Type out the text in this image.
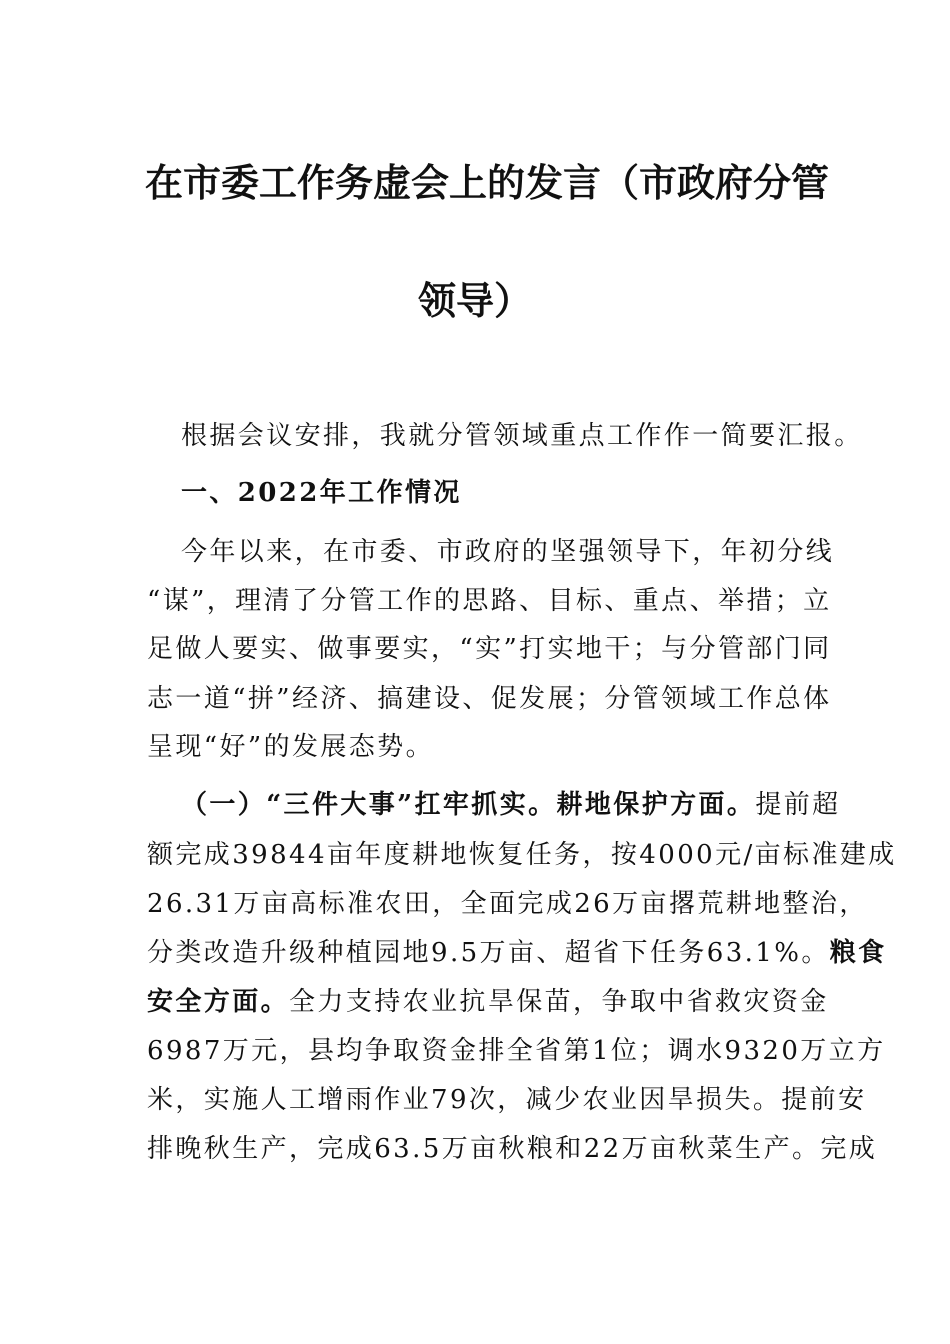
在市委工作务虚会上的发言（市政府分管
领导）
根据会议安排，我就分管领域重点工作作一简要汇报。
一、2022年工作情况
今年以来，在市委、市政府的坚强领导下，年初分线
“谋”，理清了分管工作的思路、目标、重点、举措；立
足做人要实、做事要实，“实”打实地干；与分管部门同
志一道“拼”经济、搞建设、促发展；分管领域工作总体
呈现“好”的发展态势。
（一）“三件大事”扛牢抓实。耕地保护方面。提前超
额完成39844亩年度耕地恢复任务，按4000元/亩标准建成
26.31万亩高标准农田，全面完成26万亩撂荒耕地整治，
分类改造升级种植园地9.5万亩、超省下任务63.1%。粮食
安全方面。全力支持农业抗旱保苗，争取中省救灾资金
6987万元，县均争取资金排全省第1位；调水9320万立方
米，实施人工增雨作业79次，减少农业因旱损失。提前安
排晚秋生产，完成63.5万亩秋粮和22万亩秋菜生产。完成
